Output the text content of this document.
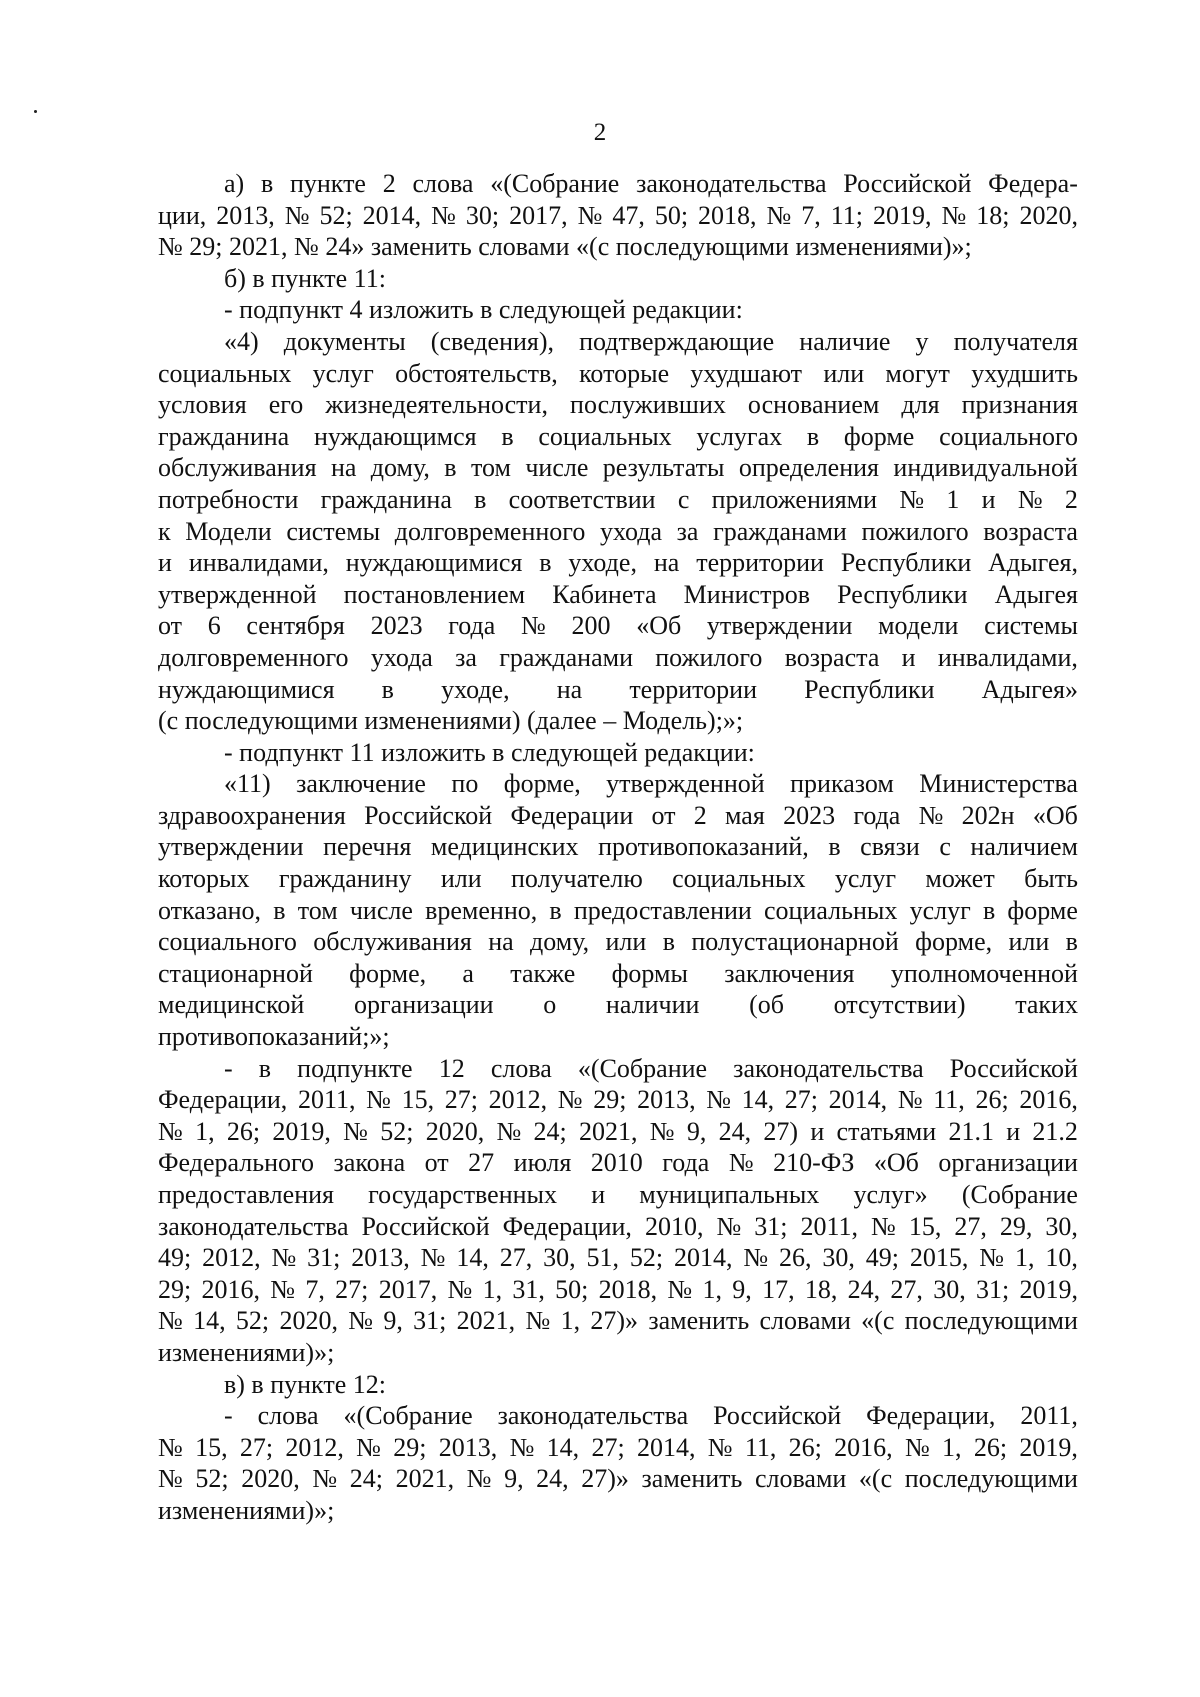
2
а) в пункте 2 слова «(Собрание законодательства Российской Федера-
ции, 2013, № 52; 2014, № 30; 2017, № 47, 50; 2018, № 7, 11; 2019, № 18; 2020,
№ 29; 2021, № 24» заменить словами «(с последующими изменениями)»;
б) в пункте 11:
- подпункт 4 изложить в следующей редакции:
«4) документы (сведения), подтверждающие наличие у получателя
социальных услуг обстоятельств, которые ухудшают или могут ухудшить
условия его жизнедеятельности, послуживших основанием для признания
гражданина нуждающимся в социальных услугах в форме социального
обслуживания на дому, в том числе результаты определения индивидуальной
потребности гражданина в соответствии с приложениями № 1 и № 2
к Модели системы долговременного ухода за гражданами пожилого возраста
и инвалидами, нуждающимися в уходе, на территории Республики Адыгея,
утвержденной постановлением Кабинета Министров Республики Адыгея
от 6 сентября 2023 года № 200 «Об утверждении модели системы
долговременного ухода за гражданами пожилого возраста и инвалидами,
нуждающимися в уходе, на территории Республики Адыгея»
(с последующими изменениями) (далее – Модель);»;
- подпункт 11 изложить в следующей редакции:
«11) заключение по форме, утвержденной приказом Министерства
здравоохранения Российской Федерации от 2 мая 2023 года № 202н «Об
утверждении перечня медицинских противопоказаний, в связи с наличием
которых гражданину или получателю социальных услуг может быть
отказано, в том числе временно, в предоставлении социальных услуг в форме
социального обслуживания на дому, или в полустационарной форме, или в
стационарной форме, а также формы заключения уполномоченной
медицинской организации о наличии (об отсутствии) таких
противопоказаний;»;
- в подпункте 12 слова «(Собрание законодательства Российской
Федерации, 2011, № 15, 27; 2012, № 29; 2013, № 14, 27; 2014, № 11, 26; 2016,
№ 1, 26; 2019, № 52; 2020, № 24; 2021, № 9, 24, 27) и статьями 21.1 и 21.2
Федерального закона от 27 июля 2010 года № 210-ФЗ «Об организации
предоставления государственных и муниципальных услуг» (Собрание
законодательства Российской Федерации, 2010, № 31; 2011, № 15, 27, 29, 30,
49; 2012, № 31; 2013, № 14, 27, 30, 51, 52; 2014, № 26, 30, 49; 2015, № 1, 10,
29; 2016, № 7, 27; 2017, № 1, 31, 50; 2018, № 1, 9, 17, 18, 24, 27, 30, 31; 2019,
№ 14, 52; 2020, № 9, 31; 2021, № 1, 27)» заменить словами «(с последующими
изменениями)»;
в) в пункте 12:
- слова «(Собрание законодательства Российской Федерации, 2011,
№ 15, 27; 2012, № 29; 2013, № 14, 27; 2014, № 11, 26; 2016, № 1, 26; 2019,
№ 52; 2020, № 24; 2021, № 9, 24, 27)» заменить словами «(с последующими
изменениями)»;
